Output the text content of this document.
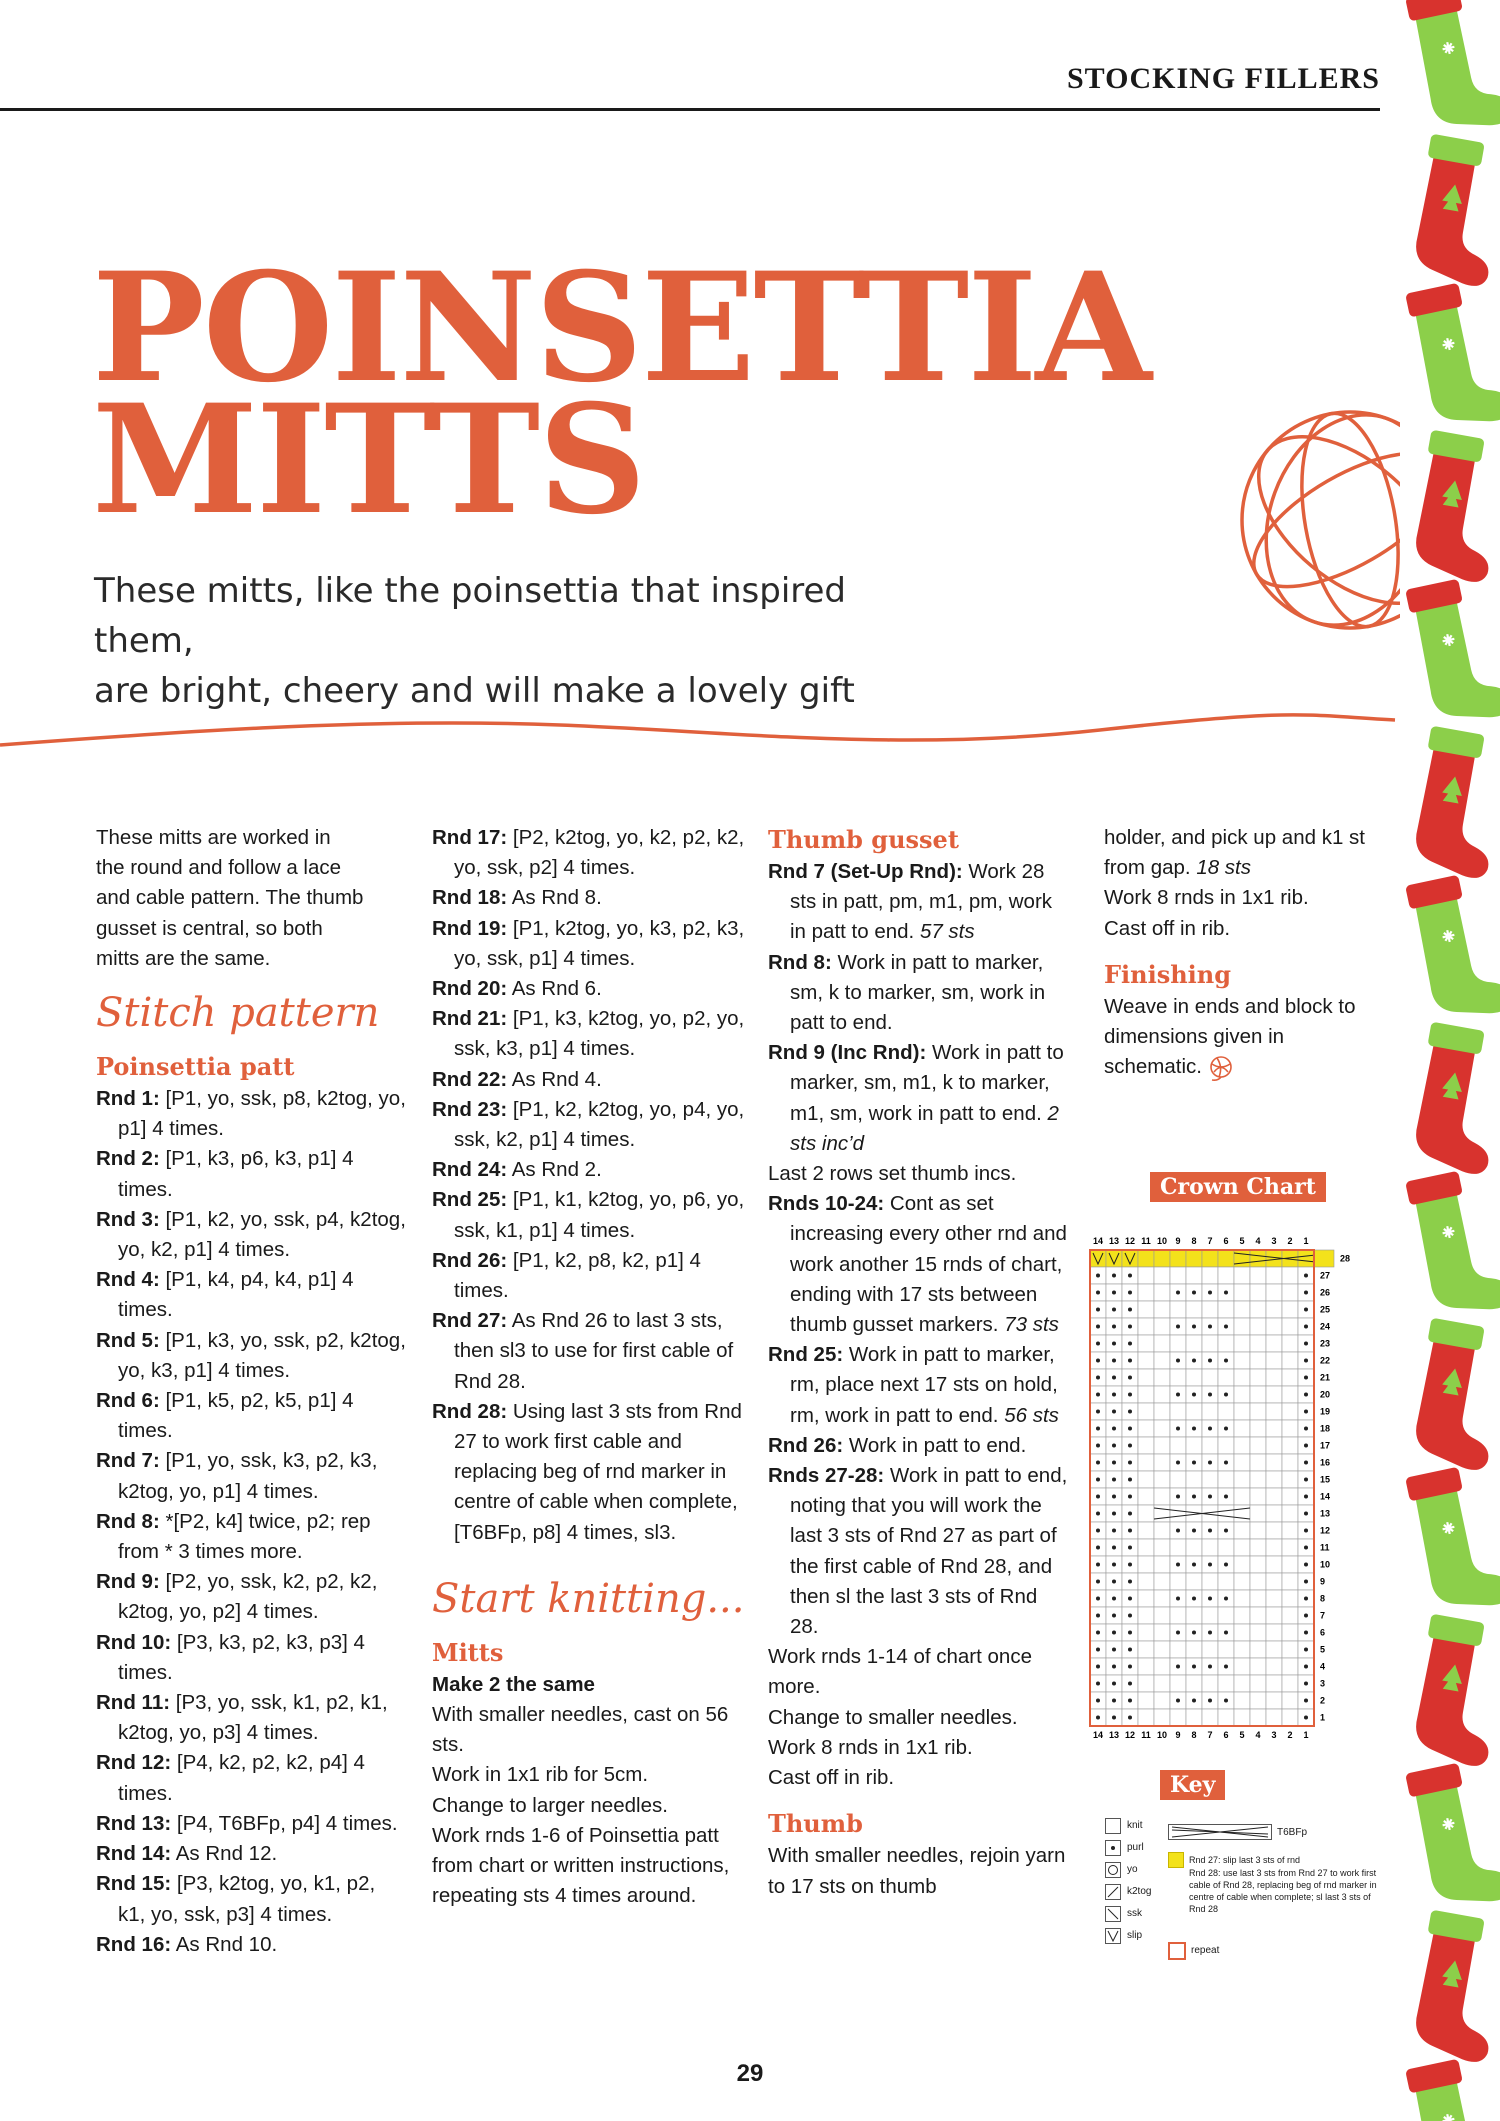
STOCKING FILLERS
POINSETTIA
MITTS
These mitts, like the poinsettia that inspired them,
are bright, cheery and will make a lovely gift

These mitts are worked in
the round and follow a lace
and cable pattern. The thumb
gusset is central, so both
mitts are the same.

Stitch pattern

Poinsettia patt

Rnd 1: [P1, yo, ssk, p8, k2tog, yo, p1] 4 times.

Rnd 2: [P1, k3, p6, k3, p1] 4 times.

Rnd 3: [P1, k2, yo, ssk, p4, k2tog, yo, k2, p1] 4 times.

Rnd 4: [P1, k4, p4, k4, p1] 4 times.

Rnd 5: [P1, k3, yo, ssk, p2, k2tog, yo, k3, p1] 4 times.

Rnd 6: [P1, k5, p2, k5, p1] 4 times.

Rnd 7: [P1, yo, ssk, k3, p2, k3, k2tog, yo, p1] 4 times.

Rnd 8: *[P2, k4] twice, p2; rep from * 3 times more.

Rnd 9: [P2, yo, ssk, k2, p2, k2, k2tog, yo, p2] 4 times.

Rnd 10: [P3, k3, p2, k3, p3] 4 times.

Rnd 11: [P3, yo, ssk, k1, p2, k1, k2tog, yo, p3] 4 times.

Rnd 12: [P4, k2, p2, k2, p4] 4 times.

Rnd 13: [P4, T6BFp, p4] 4 times.

Rnd 14: As Rnd 12.

Rnd 15: [P3, k2tog, yo, k1, p2, k1, yo, ssk, p3] 4 times.

Rnd 16: As Rnd 10.

Rnd 17: [P2, k2tog, yo, k2, p2, k2, yo, ssk, p2] 4 times.

Rnd 18: As Rnd 8.

Rnd 19: [P1, k2tog, yo, k3, p2, k3, yo, ssk, p1] 4 times.

Rnd 20: As Rnd 6.

Rnd 21: [P1, k3, k2tog, yo, p2, yo, ssk, k3, p1] 4 times.

Rnd 22: As Rnd 4.

Rnd 23: [P1, k2, k2tog, yo, p4, yo, ssk, k2, p1] 4 times.

Rnd 24: As Rnd 2.

Rnd 25: [P1, k1, k2tog, yo, p6, yo, ssk, k1, p1] 4 times.

Rnd 26: [P1, k2, p8, k2, p1] 4 times.

Rnd 27: As Rnd 26 to last 3 sts, then sl3 to use for first cable of Rnd 28.

Rnd 28: Using last 3 sts from Rnd 27 to work first cable and replacing beg of rnd marker in centre of cable when complete, [T6BFp, p8] 4 times, sl3.

Start knitting...

Mitts

Make 2 the same

With smaller needles, cast on 56 sts.

Work in 1x1 rib for 5cm.

Change to larger needles.

Work rnds 1-6 of Poinsettia patt from chart or written instructions, repeating sts 4 times around.

Thumb gusset

Rnd 7 (Set-Up Rnd): Work 28 sts in patt, pm, m1, pm, work in patt to end. 57 sts

Rnd 8: Work in patt to marker, sm, k to marker, sm, work in patt to end.

Rnd 9 (Inc Rnd): Work in patt to marker, sm, m1, k to marker, m1, sm, work in patt to end. 2 sts inc’d

Last 2 rows set thumb incs.

Rnds 10-24: Cont as set increasing every other rnd and work another 15 rnds of chart, ending with 17 sts between thumb gusset markers. 73 sts

Rnd 25: Work in patt to marker, rm, place next 17 sts on hold, rm, work in patt to end. 56 sts

Rnd 26: Work in patt to end.

Rnds 27-28: Work in patt to end, noting that you will work the last 3 sts of Rnd 27 as part of the first cable of Rnd 28, and then sl the last 3 sts of Rnd 28.

Work rnds 1-14 of chart once more.

Change to smaller needles.

Work 8 rnds in 1x1 rib.

Cast off in rib.

Thumb

With smaller needles, rejoin yarn to 17 sts on thumb

holder, and pick up and k1 st from gap. 18 sts

Work 8 rnds in 1x1 rib.

Cast off in rib.

Finishing

Weave in ends and block to dimensions given in schematic.

Crown Chart
14
14
13
13
12
12
11
11
10
10
9
9
8
8
7
7
6
6
5
5
4
4
3
3
2
2
1
1
28
27
26
25
24
23
22
21
20
19
18
17
16
15
14
13
12
11
10
9
8
7
6
5
4
3
2
1
Key
knit
purl
yo
k2tog
ssk
slip
T6BFp
Rnd 27: slip last 3 sts of rnd
Rnd 28: use last 3 sts from Rnd 27 to work first cable of Rnd 28, replacing beg of rnd marker in centre of cable when complete; sl last 3 sts of Rnd 28
repeat
29
